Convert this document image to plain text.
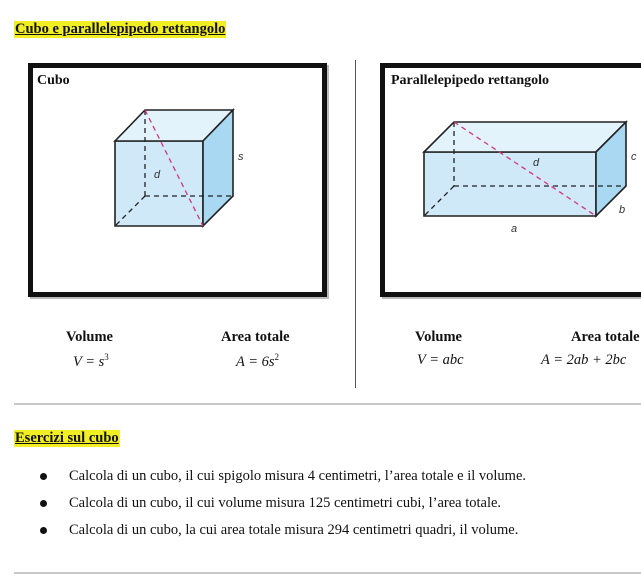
Cubo e parallelepipedo rettangolo
Cubo
d
s
Parallelepipedo rettangolo
d	c
b
a
Volume
$V = s^3$
Area totale
$A = 6s^2$
Volume
V = abc
Area totale
A = 2ab + 2bc
Esercizi sul cubo
Calcola di un cubo, il cui spigolo misura 4 centimetri, l’area totale e il volume.
Calcola di un cubo, il cui volume misura 125 centimetri cubi, l’area totale.
Calcola di un cubo, la cui area totale misura 294 centimetri quadri, il volume.
